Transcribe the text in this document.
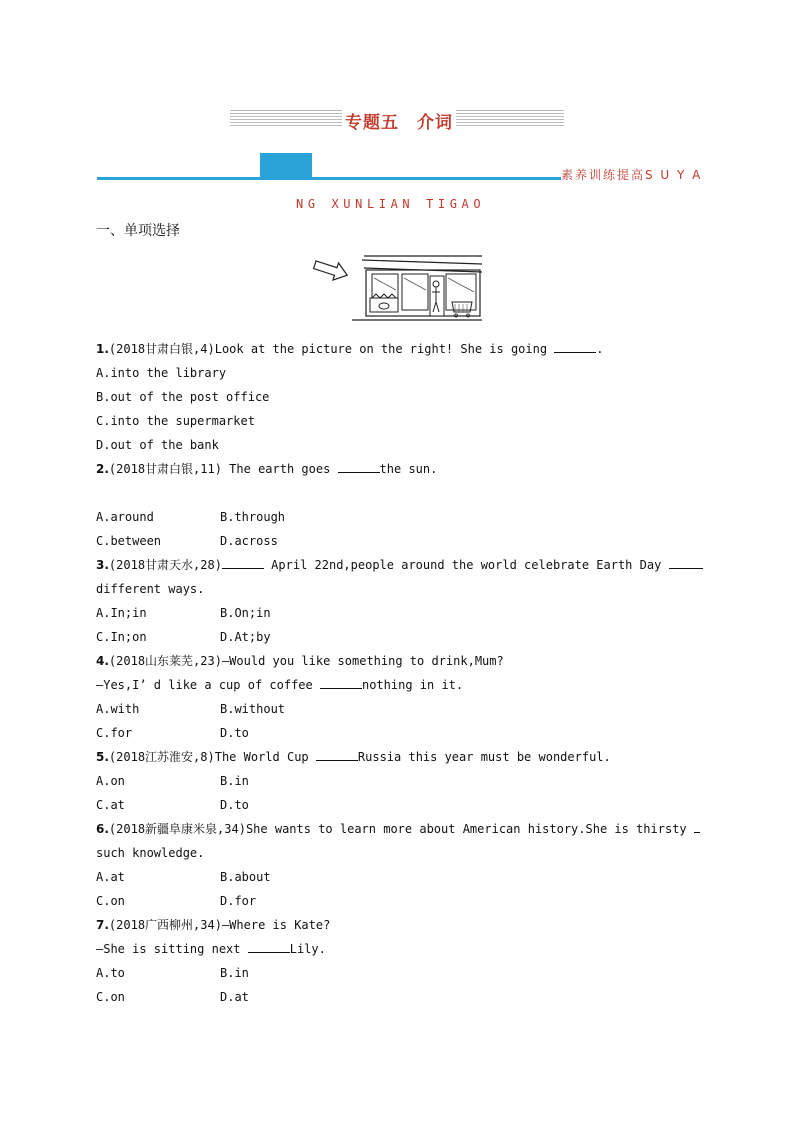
专题五　介词
素养训练提高S U Y A
NG XUNLIAN TIGAO
一、单项选择
1.(2018甘肃白银,4)Look at the picture on the right! She is going	.
A.into the library
B.out of the post office
C.into the supermarket
D.out of the bank
2.(2018甘肃白银,11) The earth goes	the sun.
A.around	B.through
C.between	D.across
3.(2018甘肃天水,28)	April 22nd,people around the world celebrate Earth Day
different ways.
A.In;in	B.On;in
C.In;on	D.At;by
4.(2018山东莱芜,23)—Would you like something to drink,Mum?
—Yes,I’ d like a cup of coffee	nothing in it.
A.with	B.without
C.for	D.to
5.(2018江苏淮安,8)The World Cup	Russia this year must be wonderful.
A.on	B.in
C.at	D.to
6.(2018新疆阜康米泉,34)She wants to learn more about American history.She is thirsty
such knowledge.
A.at	B.about
C.on	D.for
7.(2018广西柳州,34)—Where is Kate?
—She is sitting next	Lily.
A.to	B.in
C.on	D.at
